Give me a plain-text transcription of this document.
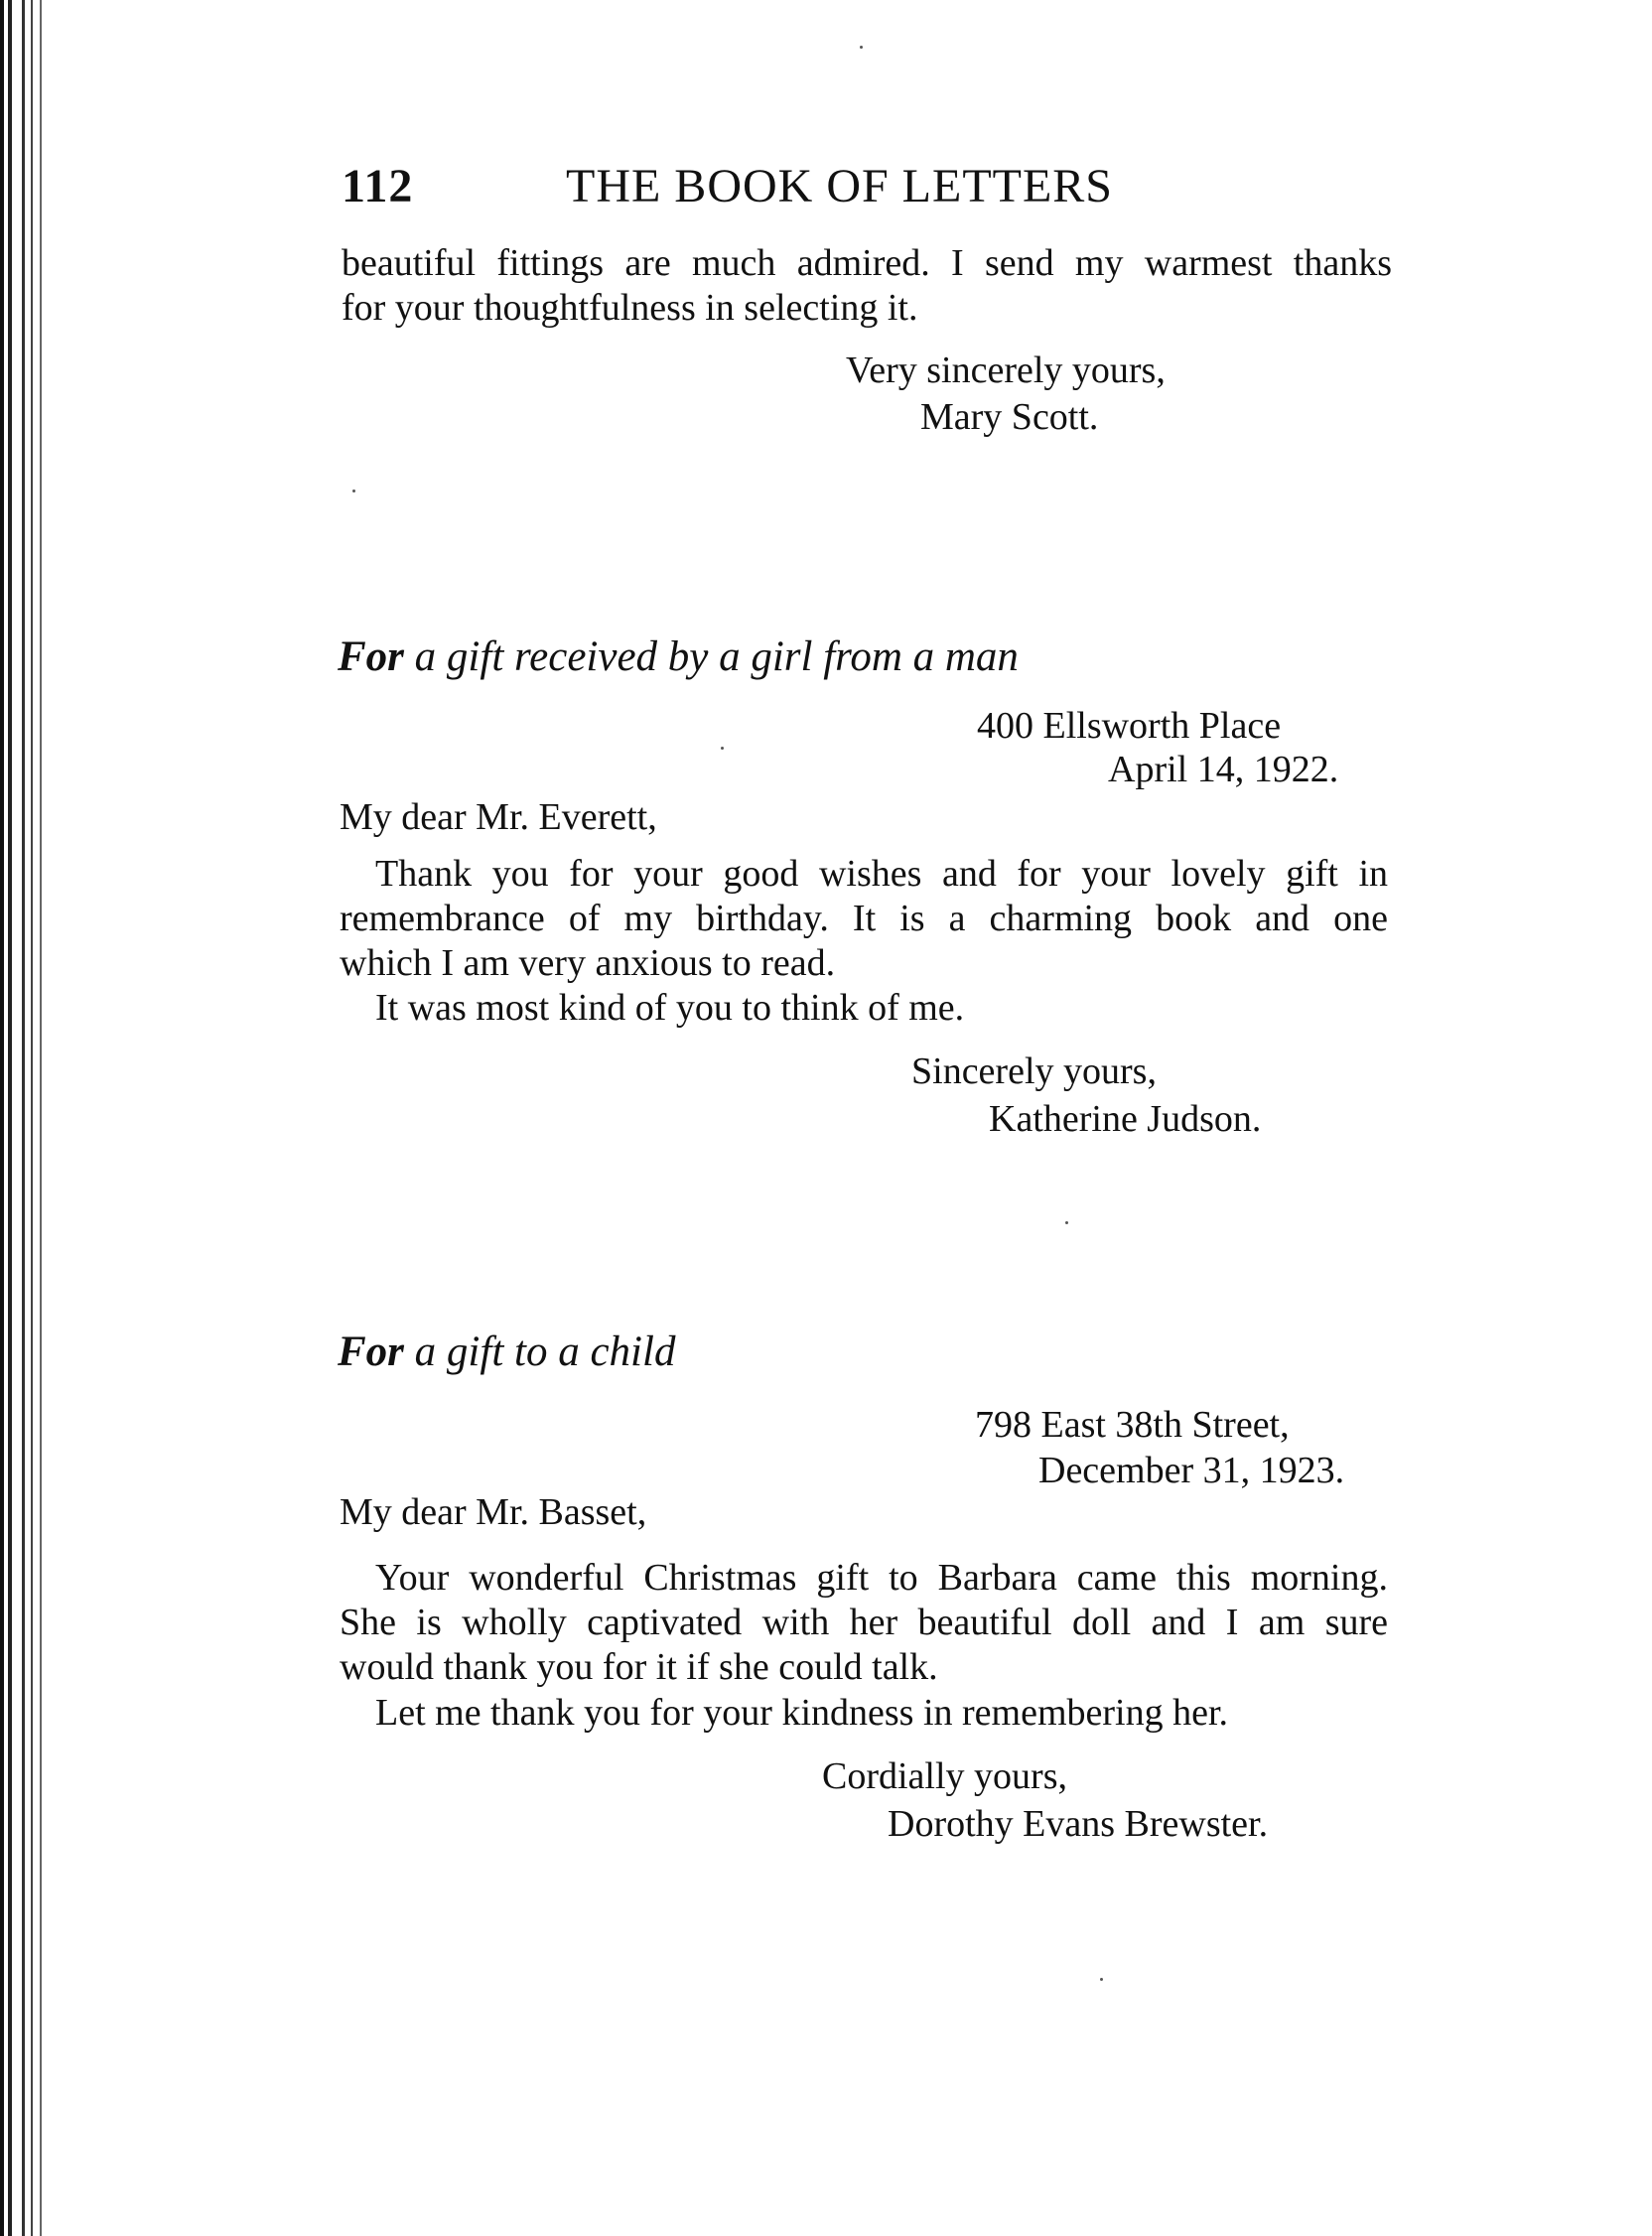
112	THE BOOK OF LETTERS

beautiful fittings are much admired. I send my warmest thanks

for your thoughtfulness in selecting it.

Very sincerely yours,

Mary Scott.

For a gift received by a girl from a man

400 Ellsworth Place

April 14, 1922.

My dear Mr. Everett,

Thank you for your good wishes and for your lovely gift in

remembrance of my birthday. It is a charming book and one

which I am very anxious to read.

It was most kind of you to think of me.

Sincerely yours,

Katherine Judson.

For a gift to a child

798 East 38th Street,

December 31, 1923.

My dear Mr. Basset,

Your wonderful Christmas gift to Barbara came this morning.

She is wholly captivated with her beautiful doll and I am sure

would thank you for it if she could talk.

Let me thank you for your kindness in remembering her.

Cordially yours,

Dorothy Evans Brewster.
